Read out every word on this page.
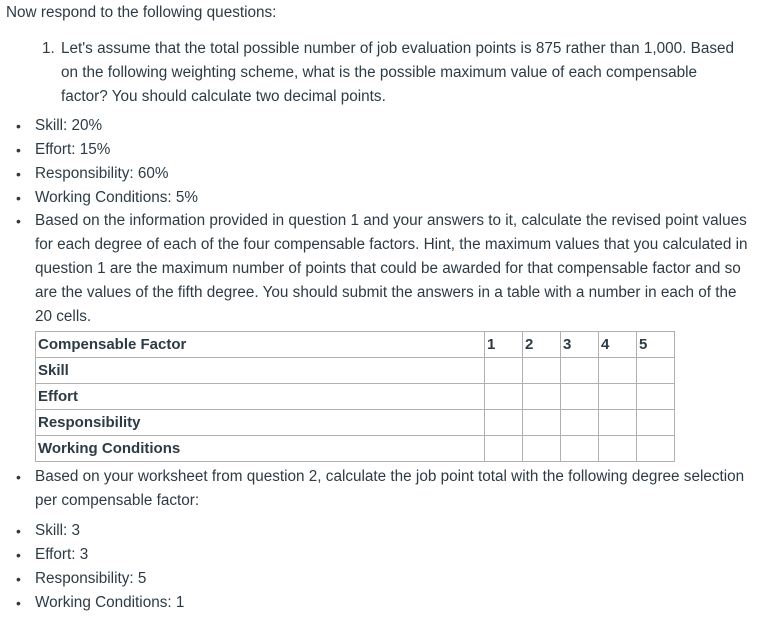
Now respond to the following questions:
1. Let's assume that the total possible number of job evaluation points is 875 rather than 1,000. Based on the following weighting scheme, what is the possible maximum value of each compensable factor? You should calculate two decimal points.
• Skill: 20%
• Effort: 15%
• Responsibility: 60%
• Working Conditions: 5%
• Based on the information provided in question 1 and your answers to it, calculate the revised point values for each degree of each of the four compensable factors. Hint, the maximum values that you calculated in question 1 are the maximum number of points that could be awarded for that compensable factor and so are the values of the fifth degree. You should submit the answers in a table with a number in each of the 20 cells.
Compensable Factor	1	2	3	4	5
Skill					
Effort					
Responsibility					
Working Conditions					
• Based on your worksheet from question 2, calculate the job point total with the following degree selection per compensable factor:
• Skill: 3
• Effort: 3
• Responsibility: 5
• Working Conditions: 1
